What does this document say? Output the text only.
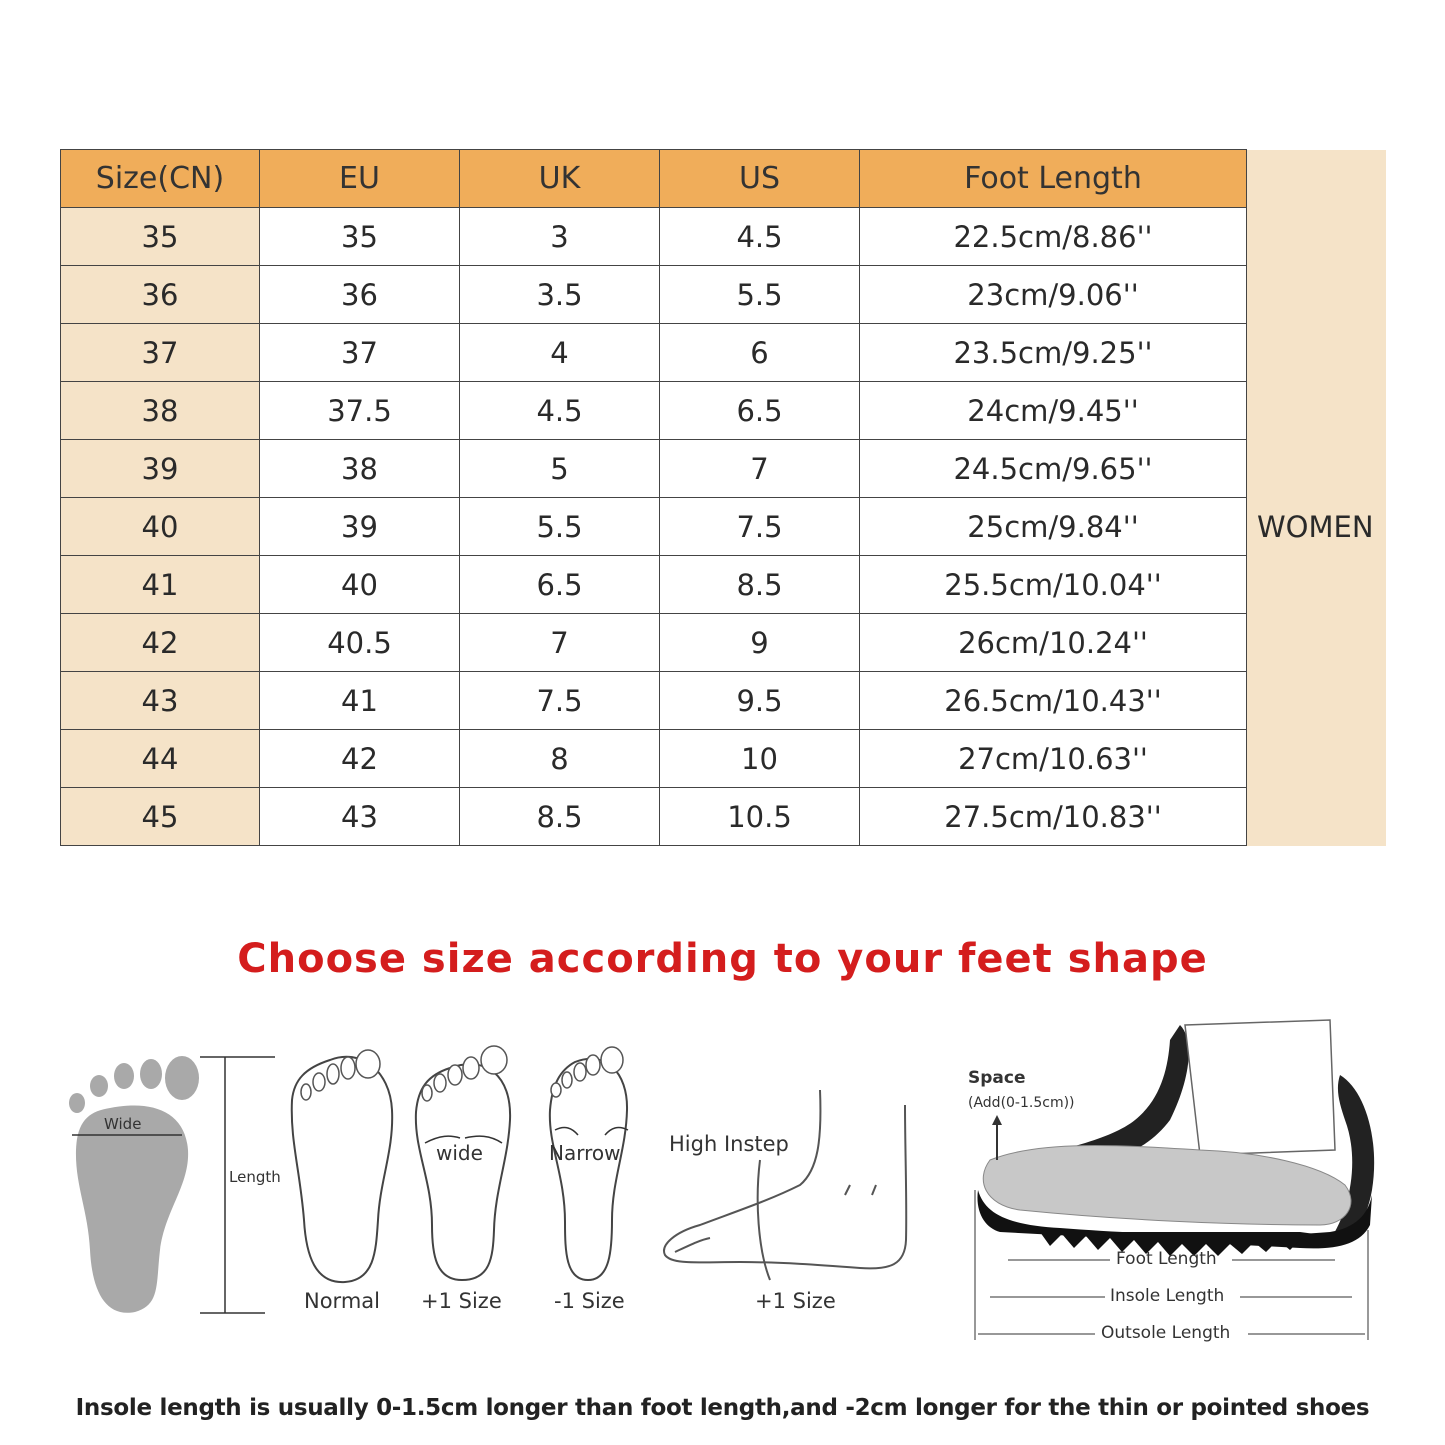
Size(CN)	EU	UK	US	Foot Length	
35	35	3	4.5	22.5cm/8.86''	WOMEN
36	36	3.5	5.5	23cm/9.06''	
37	37	4	6	23.5cm/9.25''	
38	37.5	4.5	6.5	24cm/9.45''	
39	38	5	7	24.5cm/9.65''	
40	39	5.5	7.5	25cm/9.84''	
41	40	6.5	8.5	25.5cm/10.04''	
42	40.5	7	9	26cm/10.24''	
43	41	7.5	9.5	26.5cm/10.43''	
44	42	8	10	27cm/10.63''	
45	43	8.5	10.5	27.5cm/10.83''	
Choose size according to your feet shape
Wide
Length
wide	Narrow High Instep
Normal +1 Size -1 Size	+1 Size
Space
(Add(0-1.5cm))
Foot Length
Insole Length
Outsole Length
Insole length is usually 0-1.5cm longer than foot length,and -2cm longer for the thin or pointed shoes
